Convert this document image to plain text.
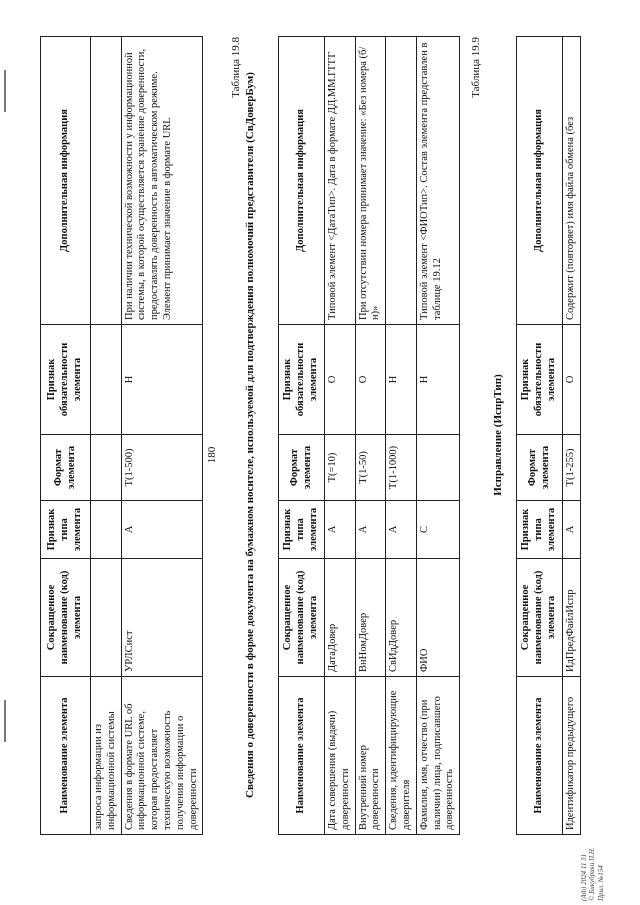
180
Наименование элемента	Сокращенное наименование (код) элемента	Признак типа элемента	Формат элемента	Признак обязательности элемента	Дополнительная информация
запроса информации из информационной системы					
Сведения в формате URL об информационной системе, которая предоставляет техническую возможность получения информации о доверенности	УРЛСист	А	T(1-500)	Н	При наличии технической возможности у информационной системы, в которой осуществляется хранение доверенности, предоставлять доверенность в автоматическом режиме. Элемент принимает значение в формате URL
Таблица 19.8
Сведения о доверенности в форме документа на бумажном носителе, используемой для подтверждения полномочий представителя (СвДоверБум)	Наименование элемента	Сокращенное наименование (код) элемента	Признак типа элемента	Формат элемента	Признак обязательности элемента	Дополнительная информация
Дата совершения (выдачи) доверенности	ДатаДовер	А	T(=10)	О	Типовой элемент <ДатаТип>. Дата в формате ДД.ММ.ГГГГ
Внутренний номер доверенности	ВнНомДовер	А	T(1-50)	О	При отсутствии номера принимает значение: «Без номера (б/н)»
Сведения, идентифицирующие доверителя	СвИдДовер	А	T(1-1000)	Н	
Фамилия, имя, отчество (при наличии) лица, подписавшего доверенность	ФИО	С		Н	Типовой элемент <ФИОТип>. Состав элемента представлен в таблице 19.12
Таблица 19.9
Исправление (ИспрТип)
Наименование элемента	Сокращенное наименование (код) элемента	Признак типа элемента	Формат элемента	Признак обязательности элемента	Дополнительная информация
Идентификатор предыдущего	ИдПредФайлИспр	А	T(1-255)	О	Содержит (повторяет) имя файла обмена (без
(Ath) 2024 11 31 © Бикубрики П.Н. Прил. №154
